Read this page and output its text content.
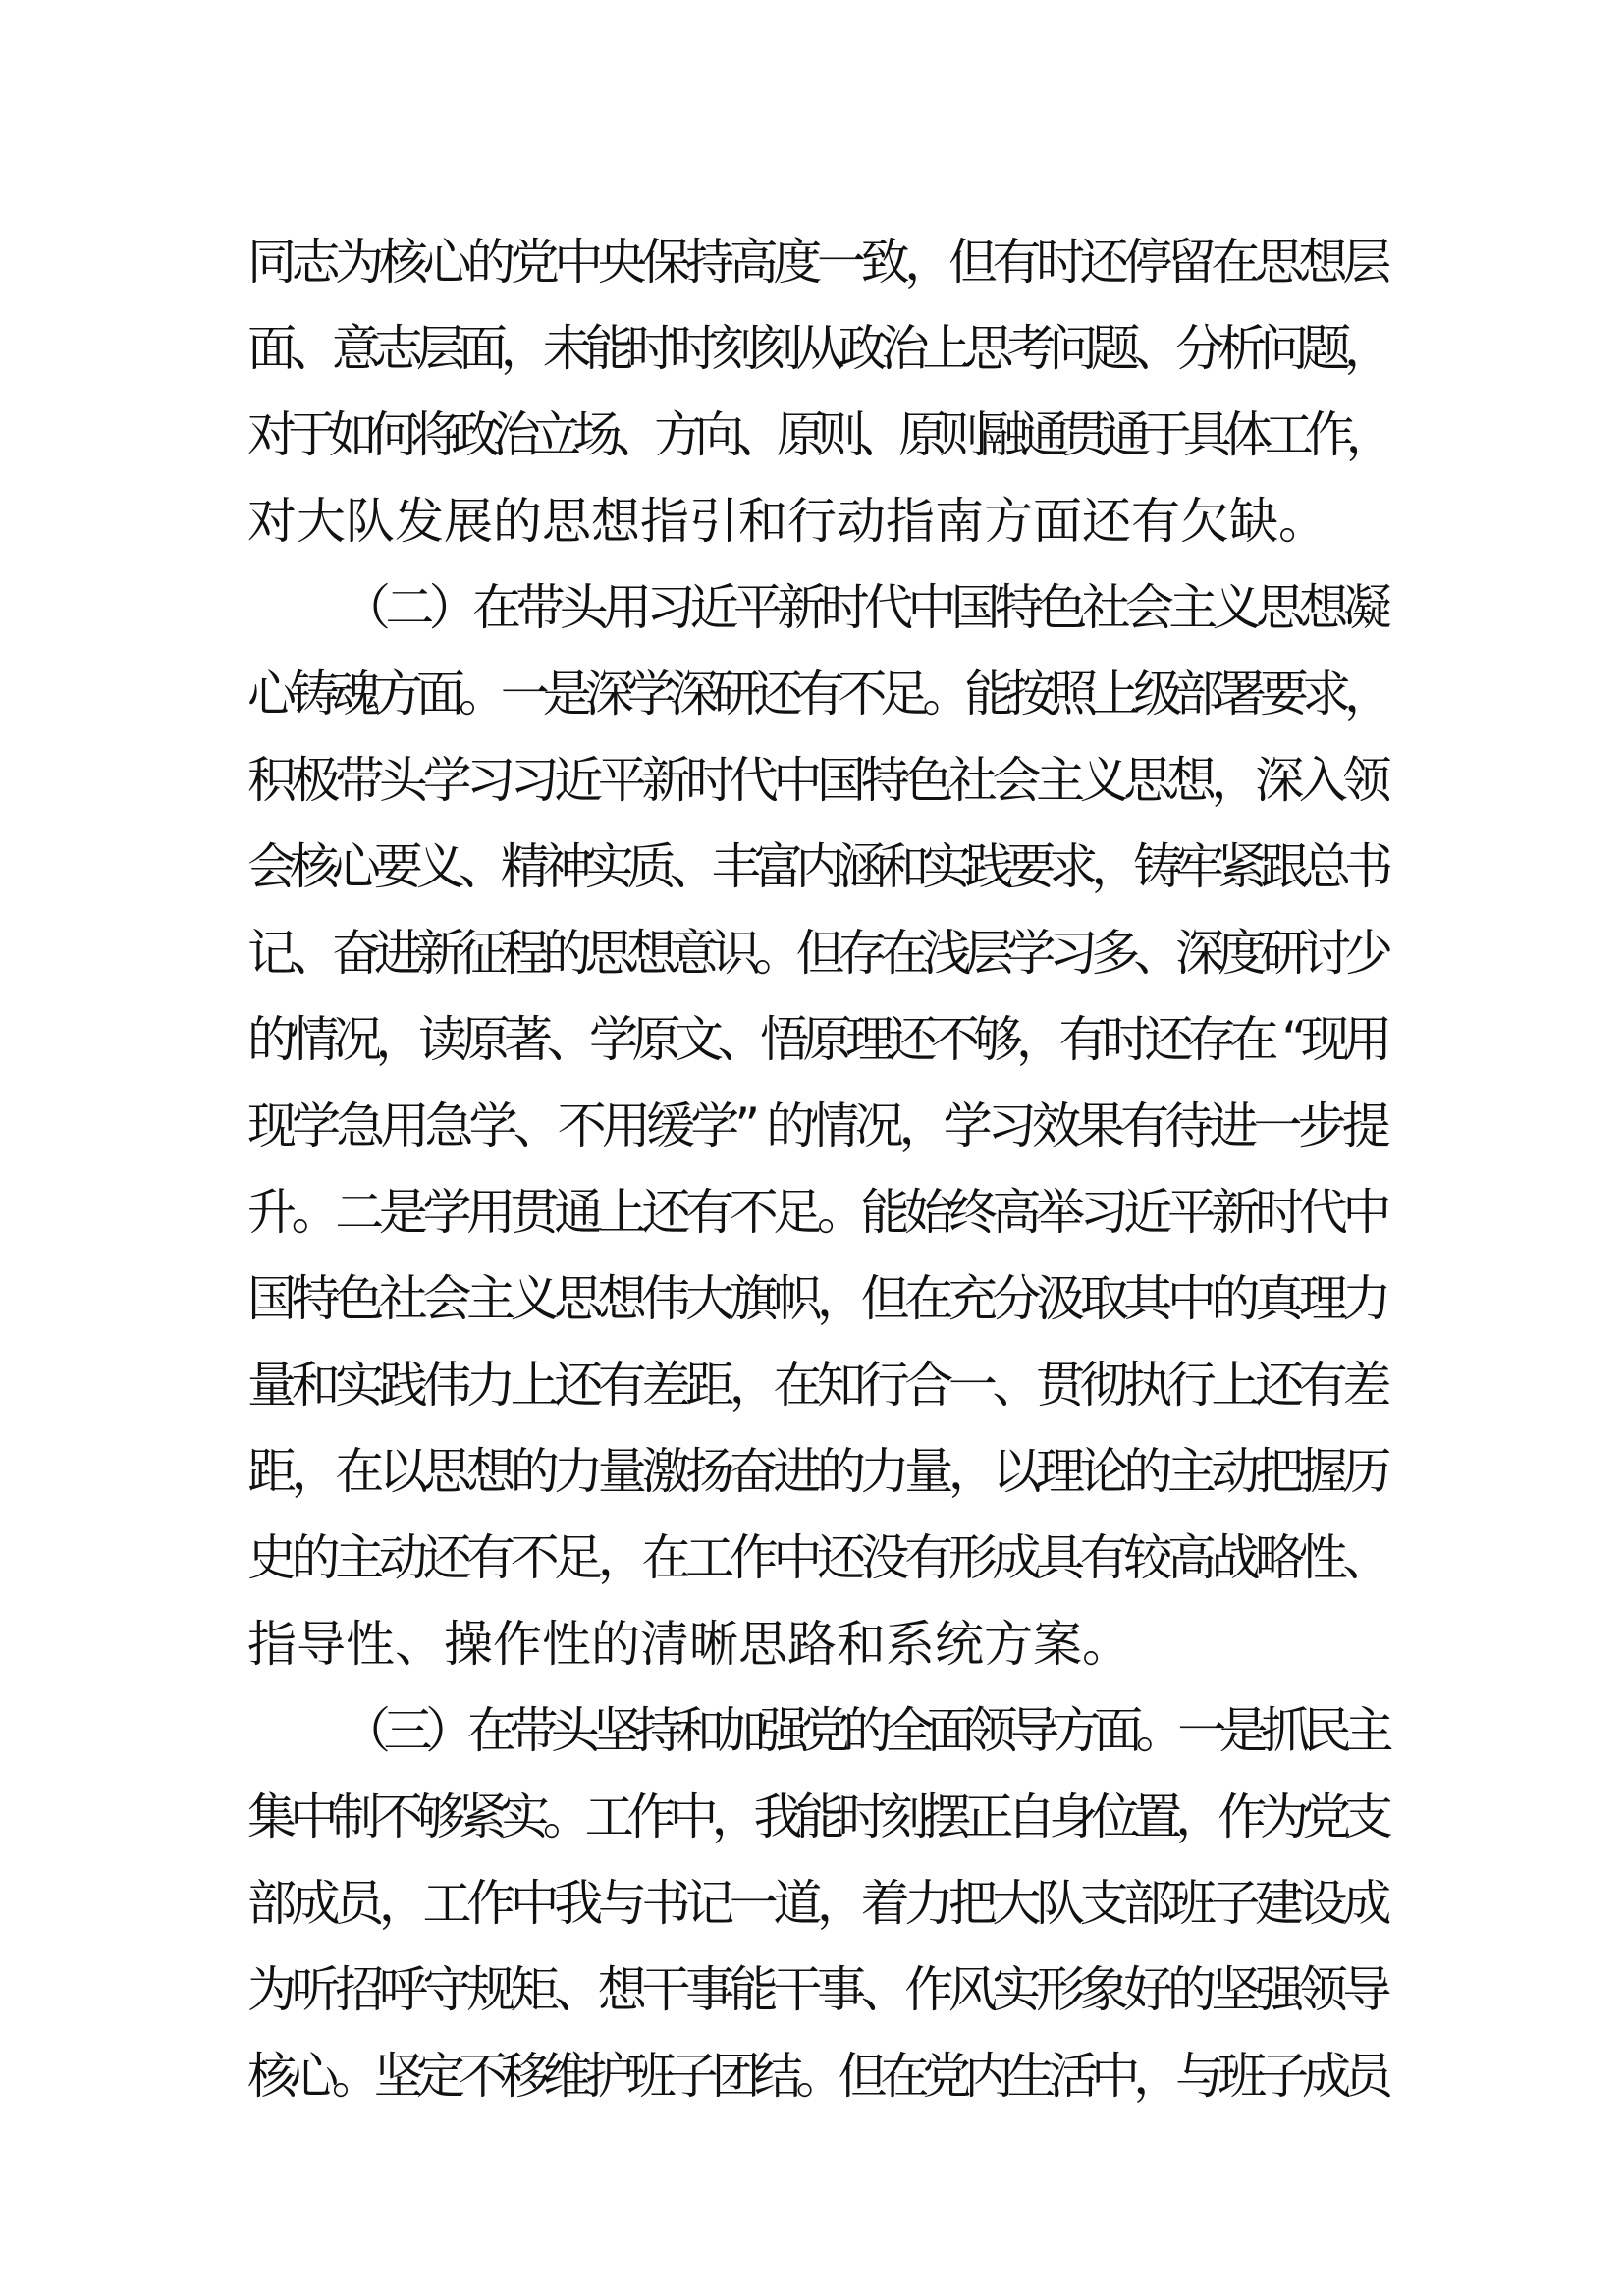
同志为核心的党中央保持高度一致，但有时还停留在思想层
面、意志层面，未能时时刻刻从政治上思考问题、分析问题，
对于如何将政治立场、方向、原则、原则融通贯通于具体工作，
对大队发展的思想指引和行动指南方面还有欠缺。
（二）在带头用习近平新时代中国特色社会主义思想凝
心铸魂方面。一是深学深研还有不足。能按照上级部署要求，
积极带头学习习近平新时代中国特色社会主义思想，深入领
会核心要义、精神实质、丰富内涵和实践要求，铸牢紧跟总书
记、奋进新征程的思想意识。但存在浅层学习多、深度研讨少
的情况，读原著、学原文、悟原理还不够，有时还存在 “现用
现学急用急学、不用缓学” 的情况，学习效果有待进一步提
升。二是学用贯通上还有不足。能始终高举习近平新时代中
国特色社会主义思想伟大旗帜，但在充分汲取其中的真理力
量和实践伟力上还有差距，在知行合一、贯彻执行上还有差
距，在以思想的力量激扬奋进的力量，以理论的主动把握历
史的主动还有不足，在工作中还没有形成具有较高战略性、
指导性、操作性的清晰思路和系统方案。
（三）在带头坚持和加强党的全面领导方面。一是抓民主
集中制不够紧实。工作中，我能时刻摆正自身位置，作为党支
部成员，工作中我与书记一道，着力把大队支部班子建设成
为听招呼守规矩、想干事能干事、作风实形象好的坚强领导
核心。坚定不移维护班子团结。但在党内生活中，与班子成员
